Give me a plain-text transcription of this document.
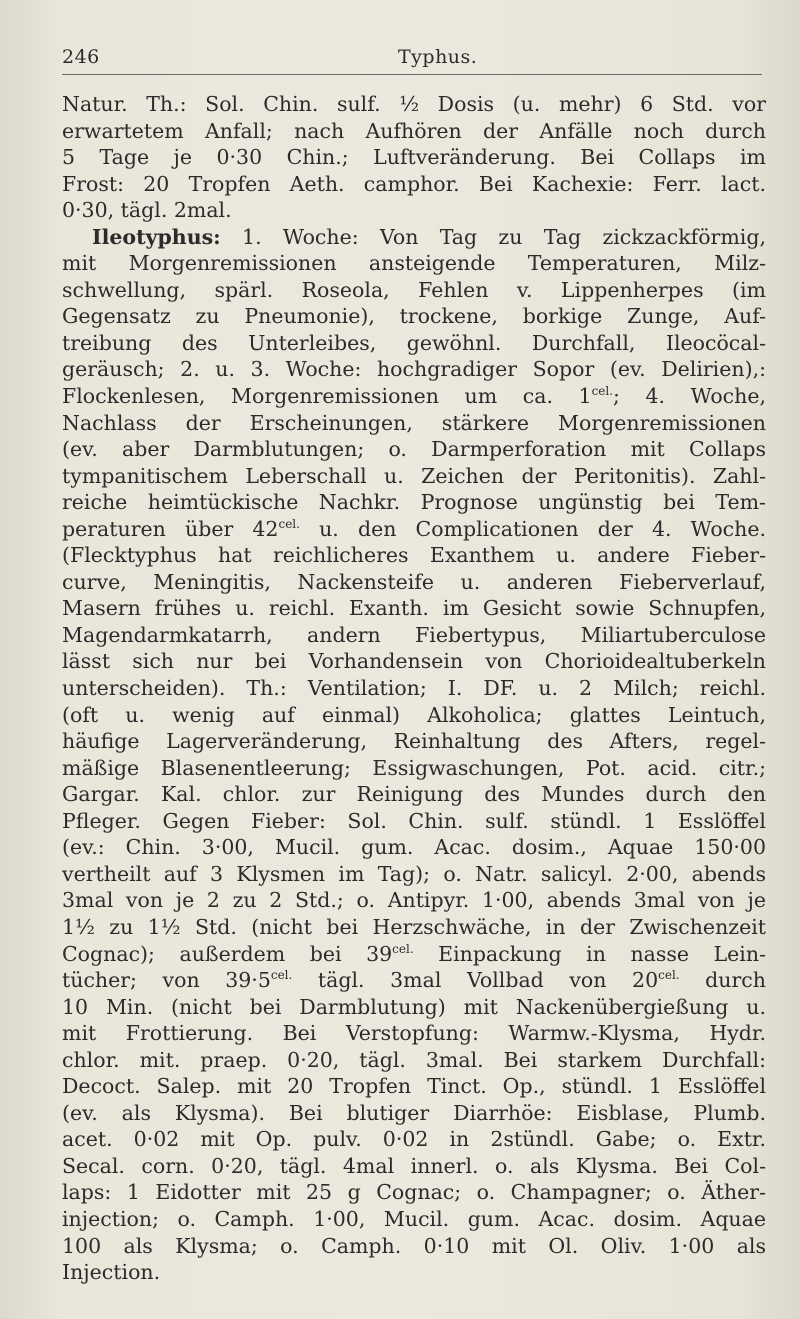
246	Typhus.
Natur. Th.: Sol. Chin. sulf. ½ Dosis (u. mehr) 6 Std. vor
erwartetem Anfall; nach Aufhören der Anfälle noch durch
5 Tage je 0·30 Chin.; Luftveränderung. Bei Collaps im
Frost: 20 Tropfen Aeth. camphor. Bei Kachexie: Ferr. lact.
0·30, tägl. 2mal.
Ileotyphus: 1. Woche: Von Tag zu Tag zickzackförmig,
mit Morgenremissionen ansteigende Temperaturen, Milz-
schwellung, spärl. Roseola, Fehlen v. Lippenherpes (im
Gegensatz zu Pneumonie), trockene, borkige Zunge, Auf-
treibung des Unterleibes, gewöhnl. Durchfall, Ileocöcal-
geräusch; 2. u. 3. Woche: hochgradiger Sopor (ev. Delirien),:
Flockenlesen, Morgenremissionen um ca. $1^{cel.}$; 4. Woche,
Nachlass der Erscheinungen, stärkere Morgenremissionen
(ev. aber Darmblutungen; o. Darmperforation mit Collaps
tympanitischem Leberschall u. Zeichen der Peritonitis). Zahl-
reiche heimtückische Nachkr. Prognose ungünstig bei Tem-
peraturen über $42^{cel.}$ u. den Complicationen der 4. Woche.
(Flecktyphus hat reichlicheres Exanthem u. andere Fieber-
curve, Meningitis, Nackensteife u. anderen Fieberverlauf,
Masern frühes u. reichl. Exanth. im Gesicht sowie Schnupfen,
Magendarmkatarrh, andern Fiebertypus, Miliartuberculose
lässt sich nur bei Vorhandensein von Chorioidealtuberkeln
unterscheiden). Th.: Ventilation; I. DF. u. 2 Milch; reichl.
(oft u. wenig auf einmal) Alkoholica; glattes Leintuch,
häufige Lagerveränderung, Reinhaltung des Afters, regel-
mäßige Blasenentleerung; Essigwaschungen, Pot. acid. citr.;
Gargar. Kal. chlor. zur Reinigung des Mundes durch den
Pfleger. Gegen Fieber: Sol. Chin. sulf. stündl. 1 Esslöffel
(ev.: Chin. 3·00, Mucil. gum. Acac. dosim., Aquae 150·00
vertheilt auf 3 Klysmen im Tag); o. Natr. salicyl. 2·00, abends
3mal von je 2 zu 2 Std.; o. Antipyr. 1·00, abends 3mal von je
1½ zu 1½ Std. (nicht bei Herzschwäche, in der Zwischenzeit
Cognac); außerdem bei $39^{cel.}$ Einpackung in nasse Lein-
tücher; von $39\cdot 5^{cel.}$ tägl. 3mal Vollbad von $20^{cel.}$ durch
10 Min. (nicht bei Darmblutung) mit Nackenübergießung u.
mit Frottierung. Bei Verstopfung: Warmw.-Klysma, Hydr.
chlor. mit. praep. 0·20, tägl. 3mal. Bei starkem Durchfall:
Decoct. Salep. mit 20 Tropfen Tinct. Op., stündl. 1 Esslöffel
(ev. als Klysma). Bei blutiger Diarrhöe: Eisblase, Plumb.
acet. 0·02 mit Op. pulv. 0·02 in 2stündl. Gabe; o. Extr.
Secal. corn. 0·20, tägl. 4mal innerl. o. als Klysma. Bei Col-
laps: 1 Eidotter mit 25 g Cognac; o. Champagner; o. Äther-
injection; o. Camph. 1·00, Mucil. gum. Acac. dosim. Aquae
100 als Klysma; o. Camph. 0·10 mit Ol. Oliv. 1·00 als
Injection.
